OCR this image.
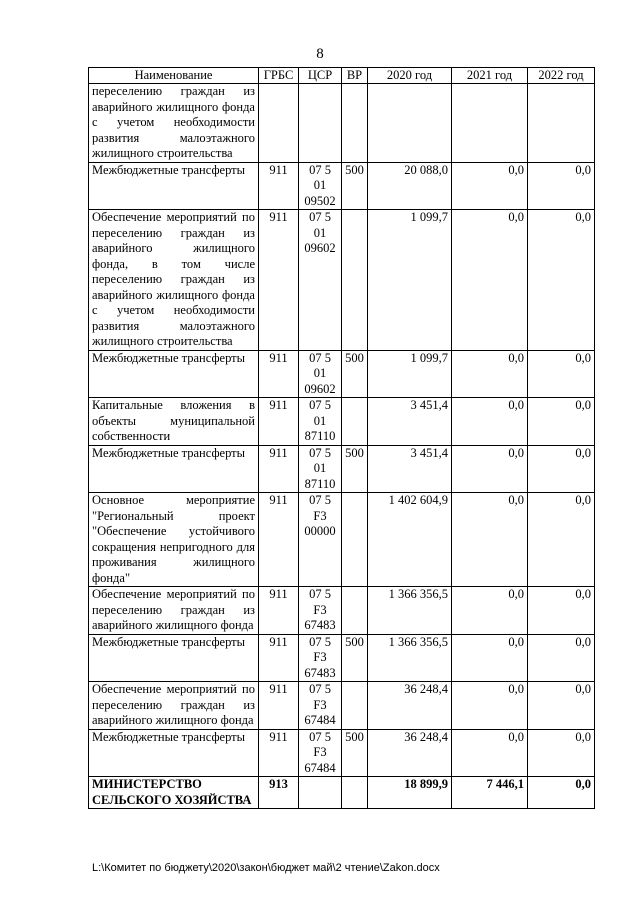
8
Наименование	ГРБС	ЦСР	ВР	2020 год	2021 год	2022 год
переселению граждан из аварийного жилищного фонда с учетом необходимости развития малоэтажного жилищного строительства						
Межбюджетные трансферты	911	07 5 01 09502	500	20 088,0	0,0	0,0
Обеспечение мероприятий по переселению граждан из аварийного жилищного фонда, в том числе переселению граждан из аварийного жилищного фонда с учетом необходимости развития малоэтажного жилищного строительства	911	07 5 01 09602		1 099,7	0,0	0,0
Межбюджетные трансферты	911	07 5 01 09602	500	1 099,7	0,0	0,0
Капитальные вложения в объекты муниципальной собственности	911	07 5 01 87110		3 451,4	0,0	0,0
Межбюджетные трансферты	911	07 5 01 87110	500	3 451,4	0,0	0,0
Основное мероприятие "Региональный проект "Обеспечение устойчивого сокращения непригодного для проживания жилищного фонда"	911	07 5 F3 00000		1 402 604,9	0,0	0,0
Обеспечение мероприятий по переселению граждан из аварийного жилищного фонда	911	07 5 F3 67483		1 366 356,5	0,0	0,0
Межбюджетные трансферты	911	07 5 F3 67483	500	1 366 356,5	0,0	0,0
Обеспечение мероприятий по переселению граждан из аварийного жилищного фонда	911	07 5 F3 67484		36 248,4	0,0	0,0
Межбюджетные трансферты	911	07 5 F3 67484	500	36 248,4	0,0	0,0
МИНИСТЕРСТВО СЕЛЬСКОГО ХОЗЯЙСТВА	913			18 899,9	7 446,1	0,0
L:\Комитет по бюджету\2020\закон\бюджет май\2 чтение\Zakon.docx
